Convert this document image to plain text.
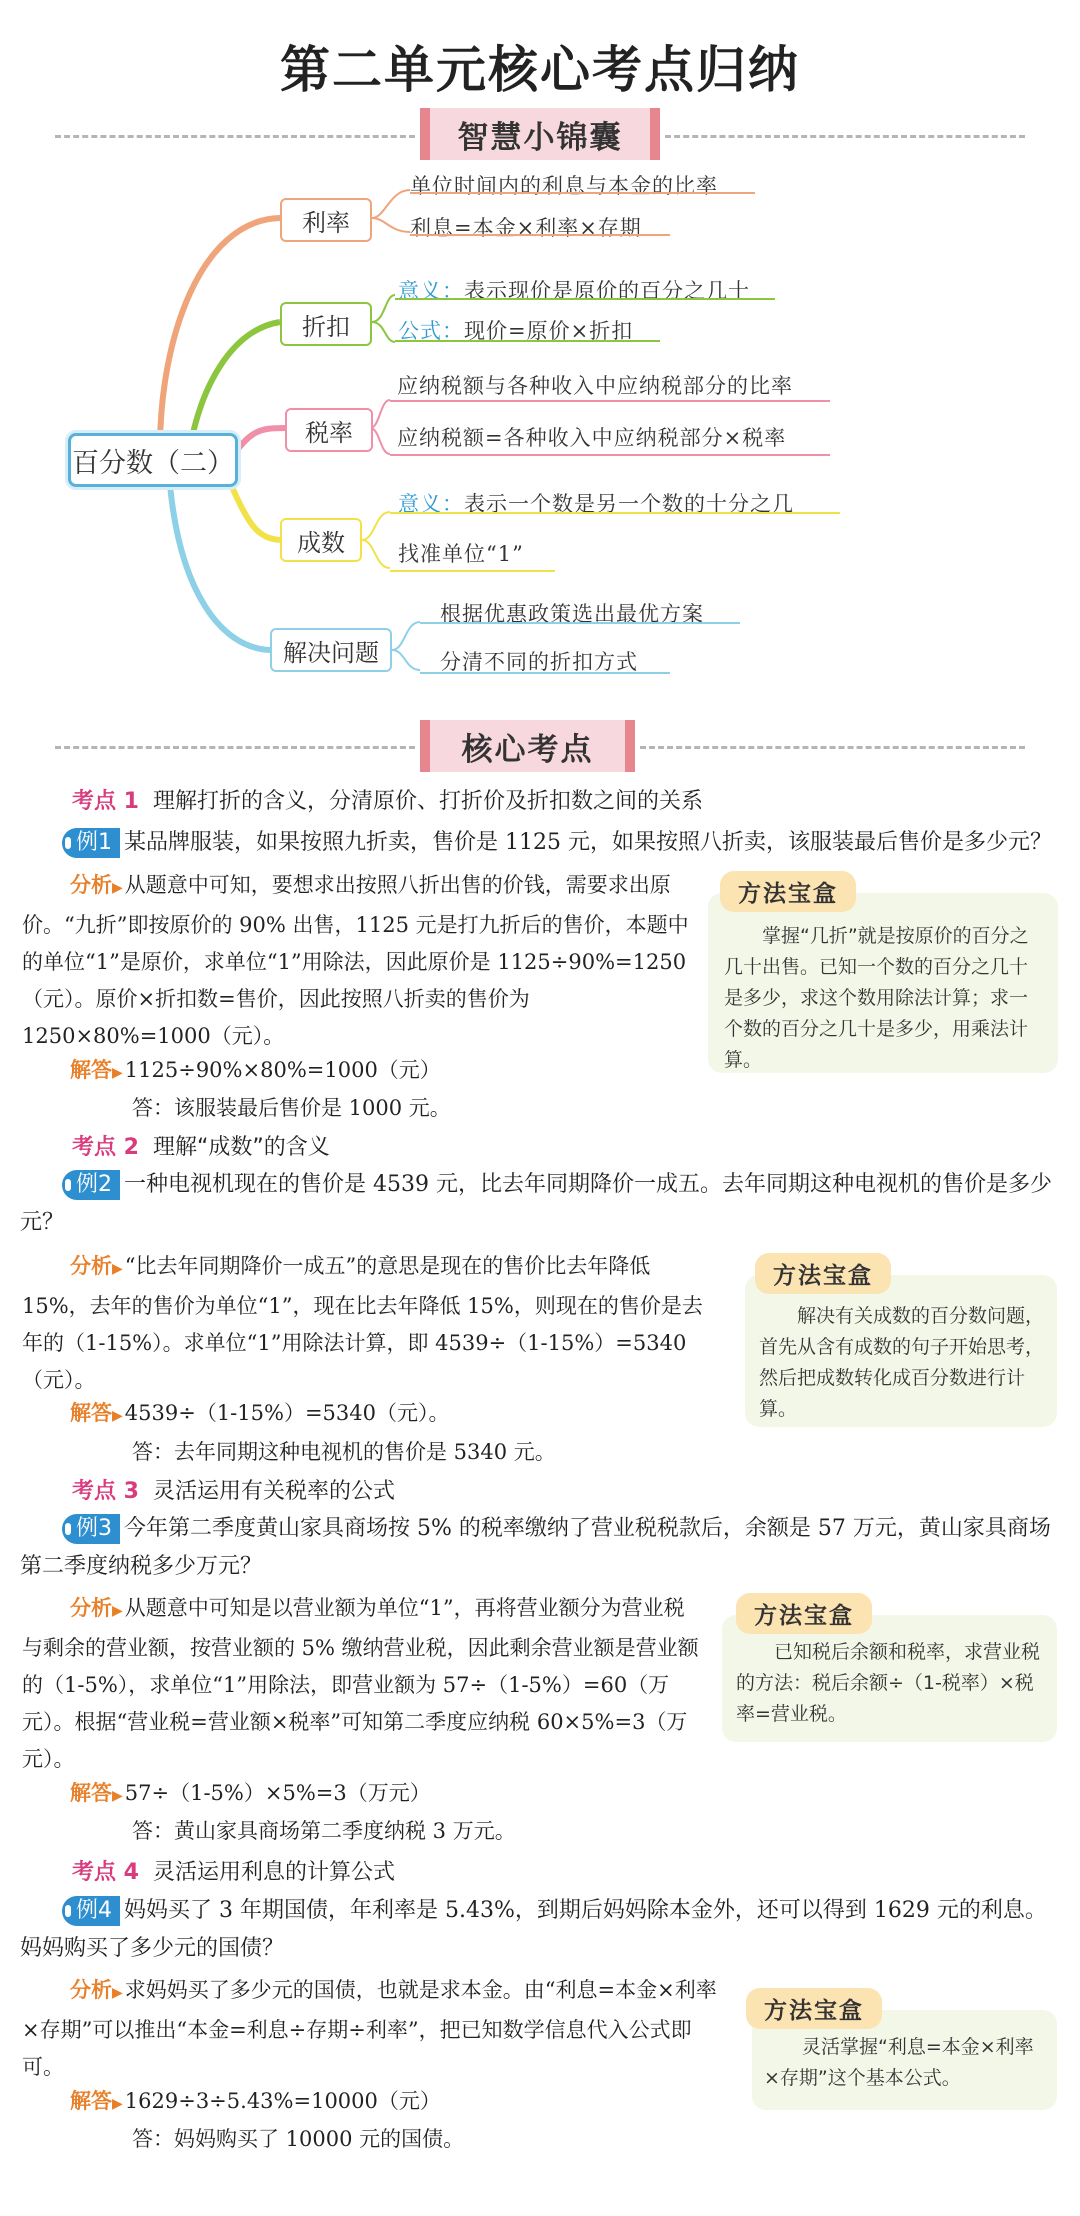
第二单元核心考点归纳
智慧小锦囊
百分数（二）
利率
单位时间内的利息与本金的比率
利息=本金×利率×存期
折扣
意义：表示现价是原价的百分之几十
公式：现价=原价×折扣
税率
应纳税额与各种收入中应纳税部分的比率
应纳税额=各种收入中应纳税部分×税率
成数
意义：表示一个数是另一个数的十分之几
找准单位“1”
解决问题
根据优惠政策选出最优方案
分清不同的折扣方式
核心考点
考点 1 理解打折的含义，分清原价、打折价及折扣数之间的关系
例1 某品牌服装，如果按照九折卖，售价是 1125 元，如果按照八折卖，该服装最后售价是多少元？
分析▶从题意中可知，要想求出按照八折出售的价钱，需要求出原价。“九折”即按原价的 90% 出售，1125 元是打九折后的售价，本题中的单位“1”是原价，求单位“1”用除法，因此原价是 1125÷90%=1250（元）。原价×折扣数=售价，因此按照八折卖的售价为 1250×80%=1000（元）。
解答▶1125÷90%×80%=1000（元）
答：该服装最后售价是 1000 元。
方法宝盒
掌握“几折”就是按原价的百分之几十出售。已知一个数的百分之几十是多少，求这个数用除法计算；求一个数的百分之几十是多少，用乘法计算。
考点 2 理解“成数”的含义
例2 一种电视机现在的售价是 4539 元，比去年同期降价一成五。去年同期这种电视机的售价是多少元？
分析▶“比去年同期降价一成五”的意思是现在的售价比去年降低 15%，去年的售价为单位“1”，现在比去年降低 15%，则现在的售价是去年的（1-15%）。求单位“1”用除法计算，即 4539÷（1-15%）=5340（元）。
解答▶4539÷（1-15%）=5340（元）。
答：去年同期这种电视机的售价是 5340 元。
方法宝盒
解决有关成数的百分数问题，首先从含有成数的句子开始思考，然后把成数转化成百分数进行计算。
考点 3 灵活运用有关税率的公式
例3 今年第二季度黄山家具商场按 5% 的税率缴纳了营业税税款后，余额是 57 万元，黄山家具商场第二季度纳税多少万元？
分析▶从题意中可知是以营业额为单位“1”，再将营业额分为营业税与剩余的营业额，按营业额的 5% 缴纳营业税，因此剩余营业额是营业额的（1-5%），求单位“1”用除法，即营业额为 57÷（1-5%）=60（万元）。根据“营业税=营业额×税率”可知第二季度应纳税 60×5%=3（万元）。
解答▶57÷（1-5%）×5%=3（万元）
答：黄山家具商场第二季度纳税 3 万元。
方法宝盒
已知税后余额和税率，求营业税的方法：税后余额÷（1-税率）×税率=营业税。
考点 4 灵活运用利息的计算公式
例4 妈妈买了 3 年期国债，年利率是 5.43%，到期后妈妈除本金外，还可以得到 1629 元的利息。妈妈购买了多少元的国债？
分析▶求妈妈买了多少元的国债，也就是求本金。由“利息=本金×利率×存期”可以推出“本金=利息÷存期÷利率”，把已知数学信息代入公式即可。
解答▶1629÷3÷5.43%=10000（元）
答：妈妈购买了 10000 元的国债。
方法宝盒
灵活掌握“利息=本金×利率×存期”这个基本公式。
